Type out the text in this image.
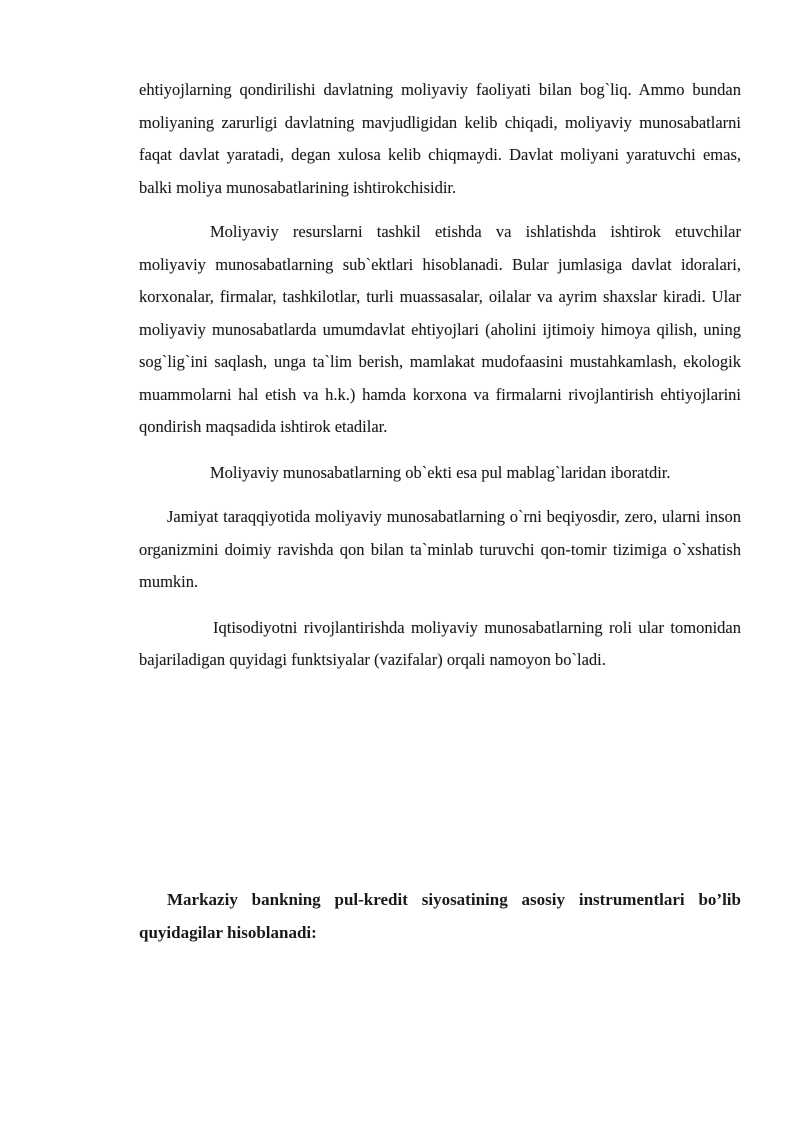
ehtiyojlarning qondirilishi davlatning moliyaviy faoliyati bilan bog`liq. Ammo bundan moliyaning zarurligi davlatning mavjudligidan kelib chiqadi, moliyaviy munosabatlarni faqat davlat yaratadi, degan xulosa kelib chiqmaydi. Davlat moliyani yaratuvchi emas, balki moliya munosabatlarining ishtirokchisidir.

Moliyaviy resurslarni tashkil etishda va ishlatishda ishtirok etuvchilar moliyaviy munosabatlarning sub`ektlari hisoblanadi. Bular jumlasiga davlat idoralari, korxonalar, firmalar, tashkilotlar, turli muassasalar, oilalar va ayrim shaxslar kiradi. Ular moliyaviy munosabatlarda umumdavlat ehtiyojlari (aholini ijtimoiy himoya qilish, uning sog`lig`ini saqlash, unga ta`lim berish, mamlakat mudofaasini mustahkamlash, ekologik muammolarni hal etish va h.k.) hamda korxona va firmalarni rivojlantirish ehtiyojlarini qondirish maqsadida ishtirok etadilar.

Moliyaviy munosabatlarning ob`ekti esa pul mablag`laridan iboratdir.

Jamiyat taraqqiyotida moliyaviy munosabatlarning o`rni beqiyosdir, zero, ularni inson organizmini doimiy ravishda qon bilan ta`minlab turuvchi qon-tomir tizimiga o`xshatish mumkin.

Iqtisodiyotni rivojlantirishda moliyaviy munosabatlarning roli ular tomonidan bajariladigan quyidagi funktsiyalar (vazifalar) orqali namoyon bo`ladi.

Markaziy bankning pul-kredit siyosatining asosiy instrumentlari bo’lib quyidagilar hisoblanadi:
